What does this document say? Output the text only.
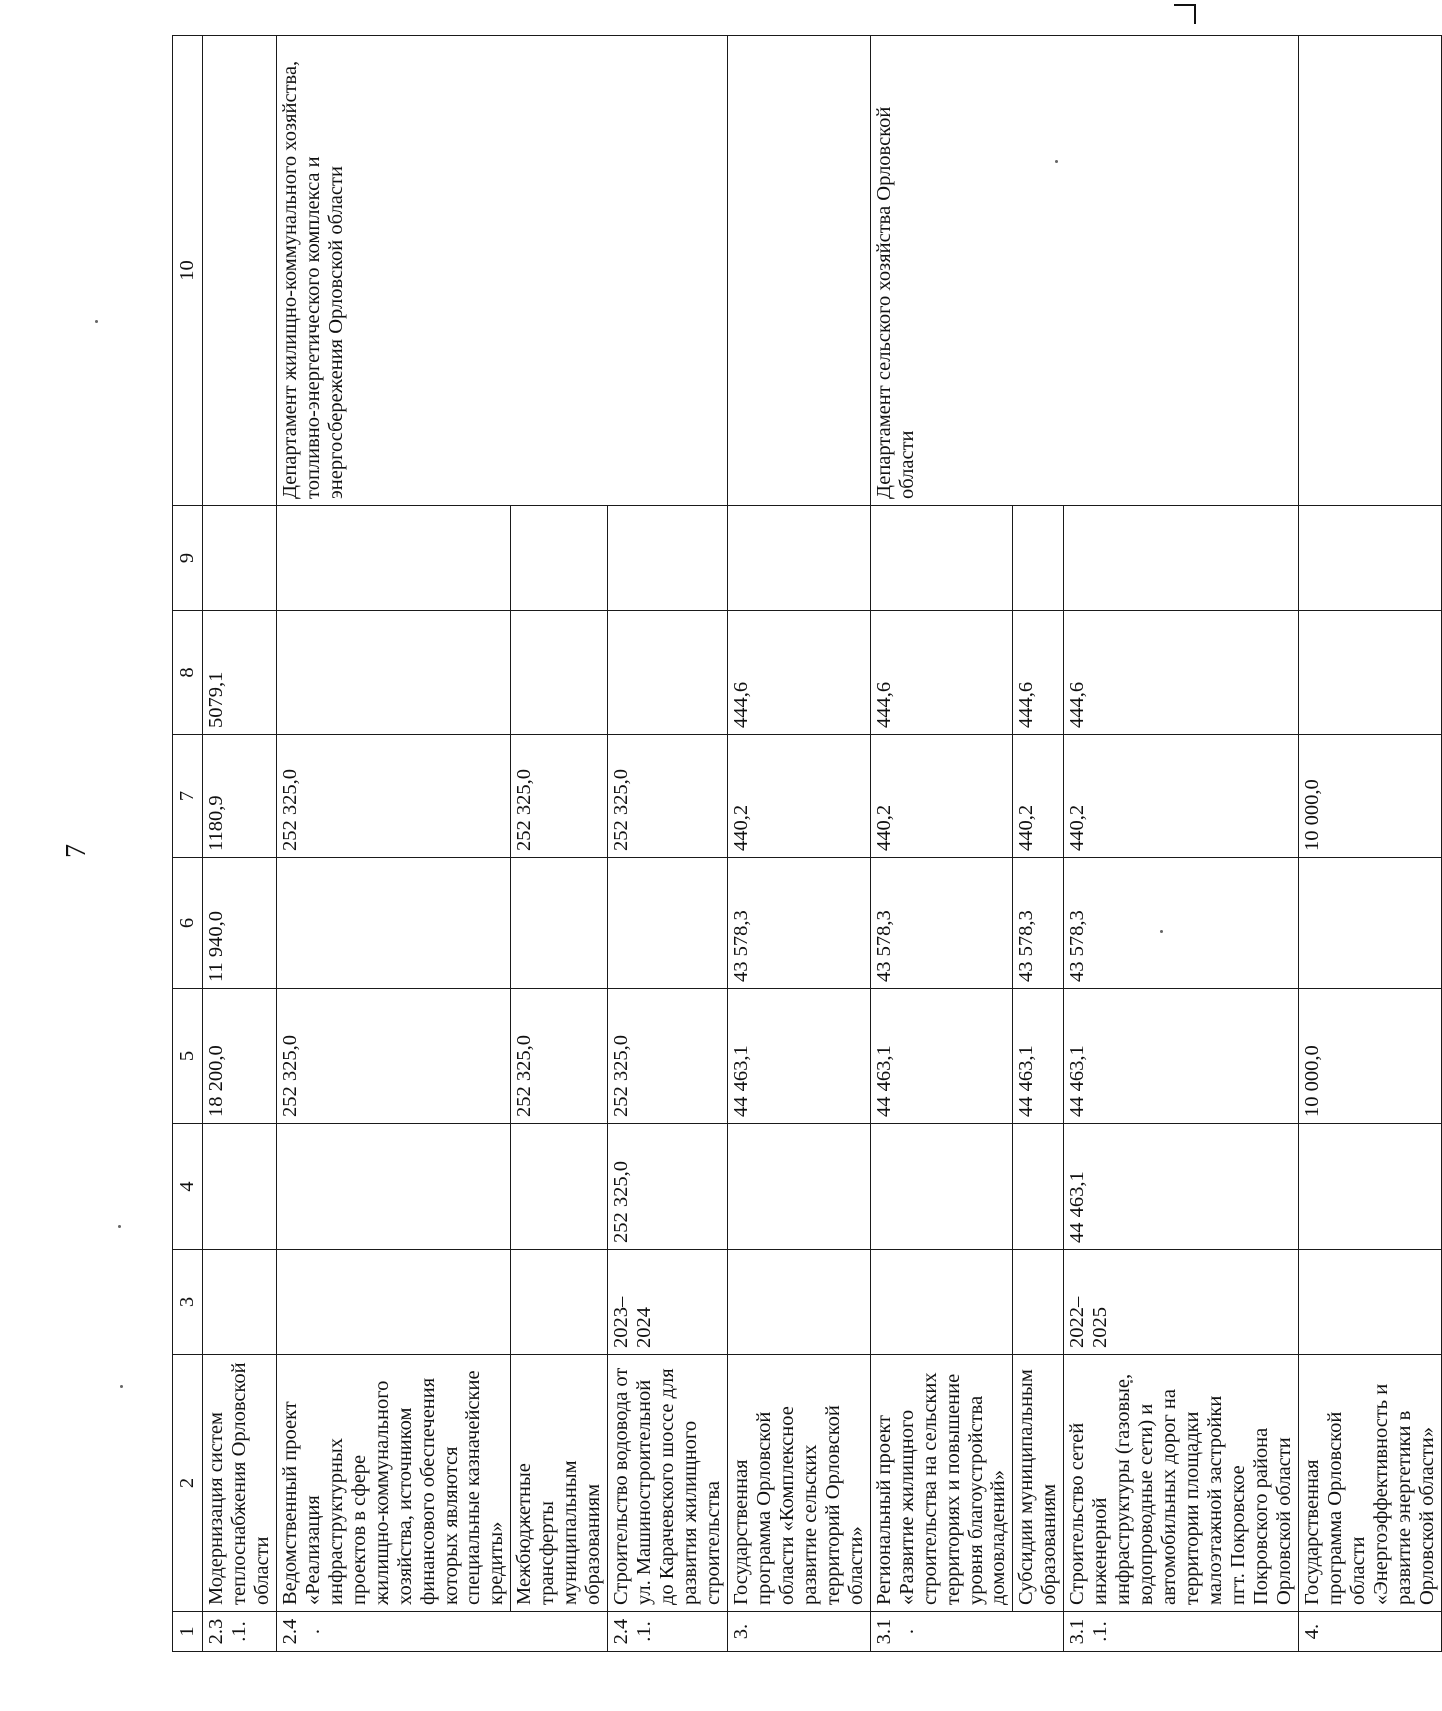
7
1	2	3	4	5	6	7	8	9	10
2.3.1.	Модернизация систем теплоснабжения Орловской области			18 200,0	11 940,0	1180,9	5079,1		
2.4.	Ведомственный проект «Реализация инфраструктурных проектов в сфере жилищно-коммунального хозяйства, источником финансового обеспечения которых являются специальные казначейские кредиты»			252 325,0		252 325,0			Департамент жилищно-коммунального хозяйства, топливно-энергетического комплекса и энергосбережения Орловской области
	Межбюджетные трансферты муниципальным образованиям			252 325,0		252 325,0			
2.4.1.	Строительство водовода от ул. Машиностроительной до Карачевского шоссе для развития жилищного строительства	2023–2024	252 325,0	252 325,0		252 325,0			
3.	Государственная программа Орловской области «Комплексное развитие сельских территорий Орловской области»			44 463,1	43 578,3	440,2	444,6		
3.1.	Региональный проект «Развитие жилищного строительства на сельских территориях и повышение уровня благоустройства домовладений»			44 463,1	43 578,3	440,2	444,6		Департамент сельского хозяйства Орловской области
	Субсидии муниципальным образованиям			44 463,1	43 578,3	440,2	444,6		
3.1.1.	Строительство сетей инженерной инфраструктуры (газовые, водопроводные сети) и автомобильных дорог на территории площадки малоэтажной застройки пгт. Покровское Покровского района Орловской области	2022–2025	44 463,1	44 463,1	43 578,3	440,2	444,6		
4.	Государственная программа Орловской области «Энергоэффективность и развитие энергетики в Орловской области»			10 000,0		10 000,0			
